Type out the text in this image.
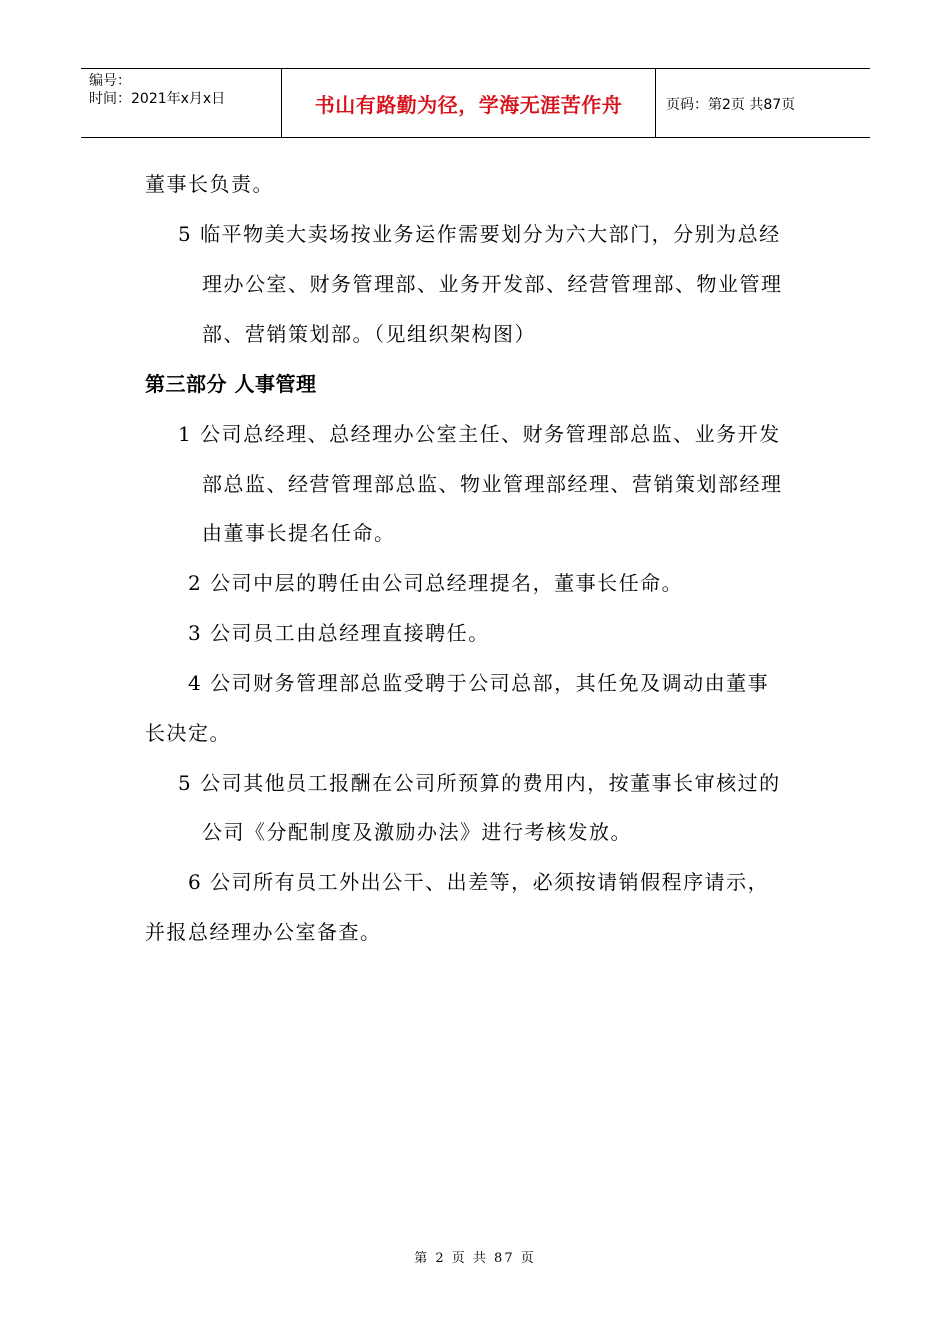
编号：
时间：2021年x月x日	书山有路勤为径，学海无涯苦作舟	页码：第2页 共87页
董事长负责。
5 临平物美大卖场按业务运作需要划分为六大部门，分别为总经
理办公室、财务管理部、业务开发部、经营管理部、物业管理
部、营销策划部。（见组织架构图）
第三部分 人事管理
1 公司总经理、总经理办公室主任、财务管理部总监、业务开发
部总监、经营管理部总监、物业管理部经理、营销策划部经理
由董事长提名任命。
2 公司中层的聘任由公司总经理提名，董事长任命。
3 公司员工由总经理直接聘任。
4 公司财务管理部总监受聘于公司总部，其任免及调动由董事
长决定。
5 公司其他员工报酬在公司所预算的费用内，按董事长审核过的
公司《分配制度及激励办法》进行考核发放。
6 公司所有员工外出公干、出差等，必须按请销假程序请示，
并报总经理办公室备查。
第 2 页 共 87 页
